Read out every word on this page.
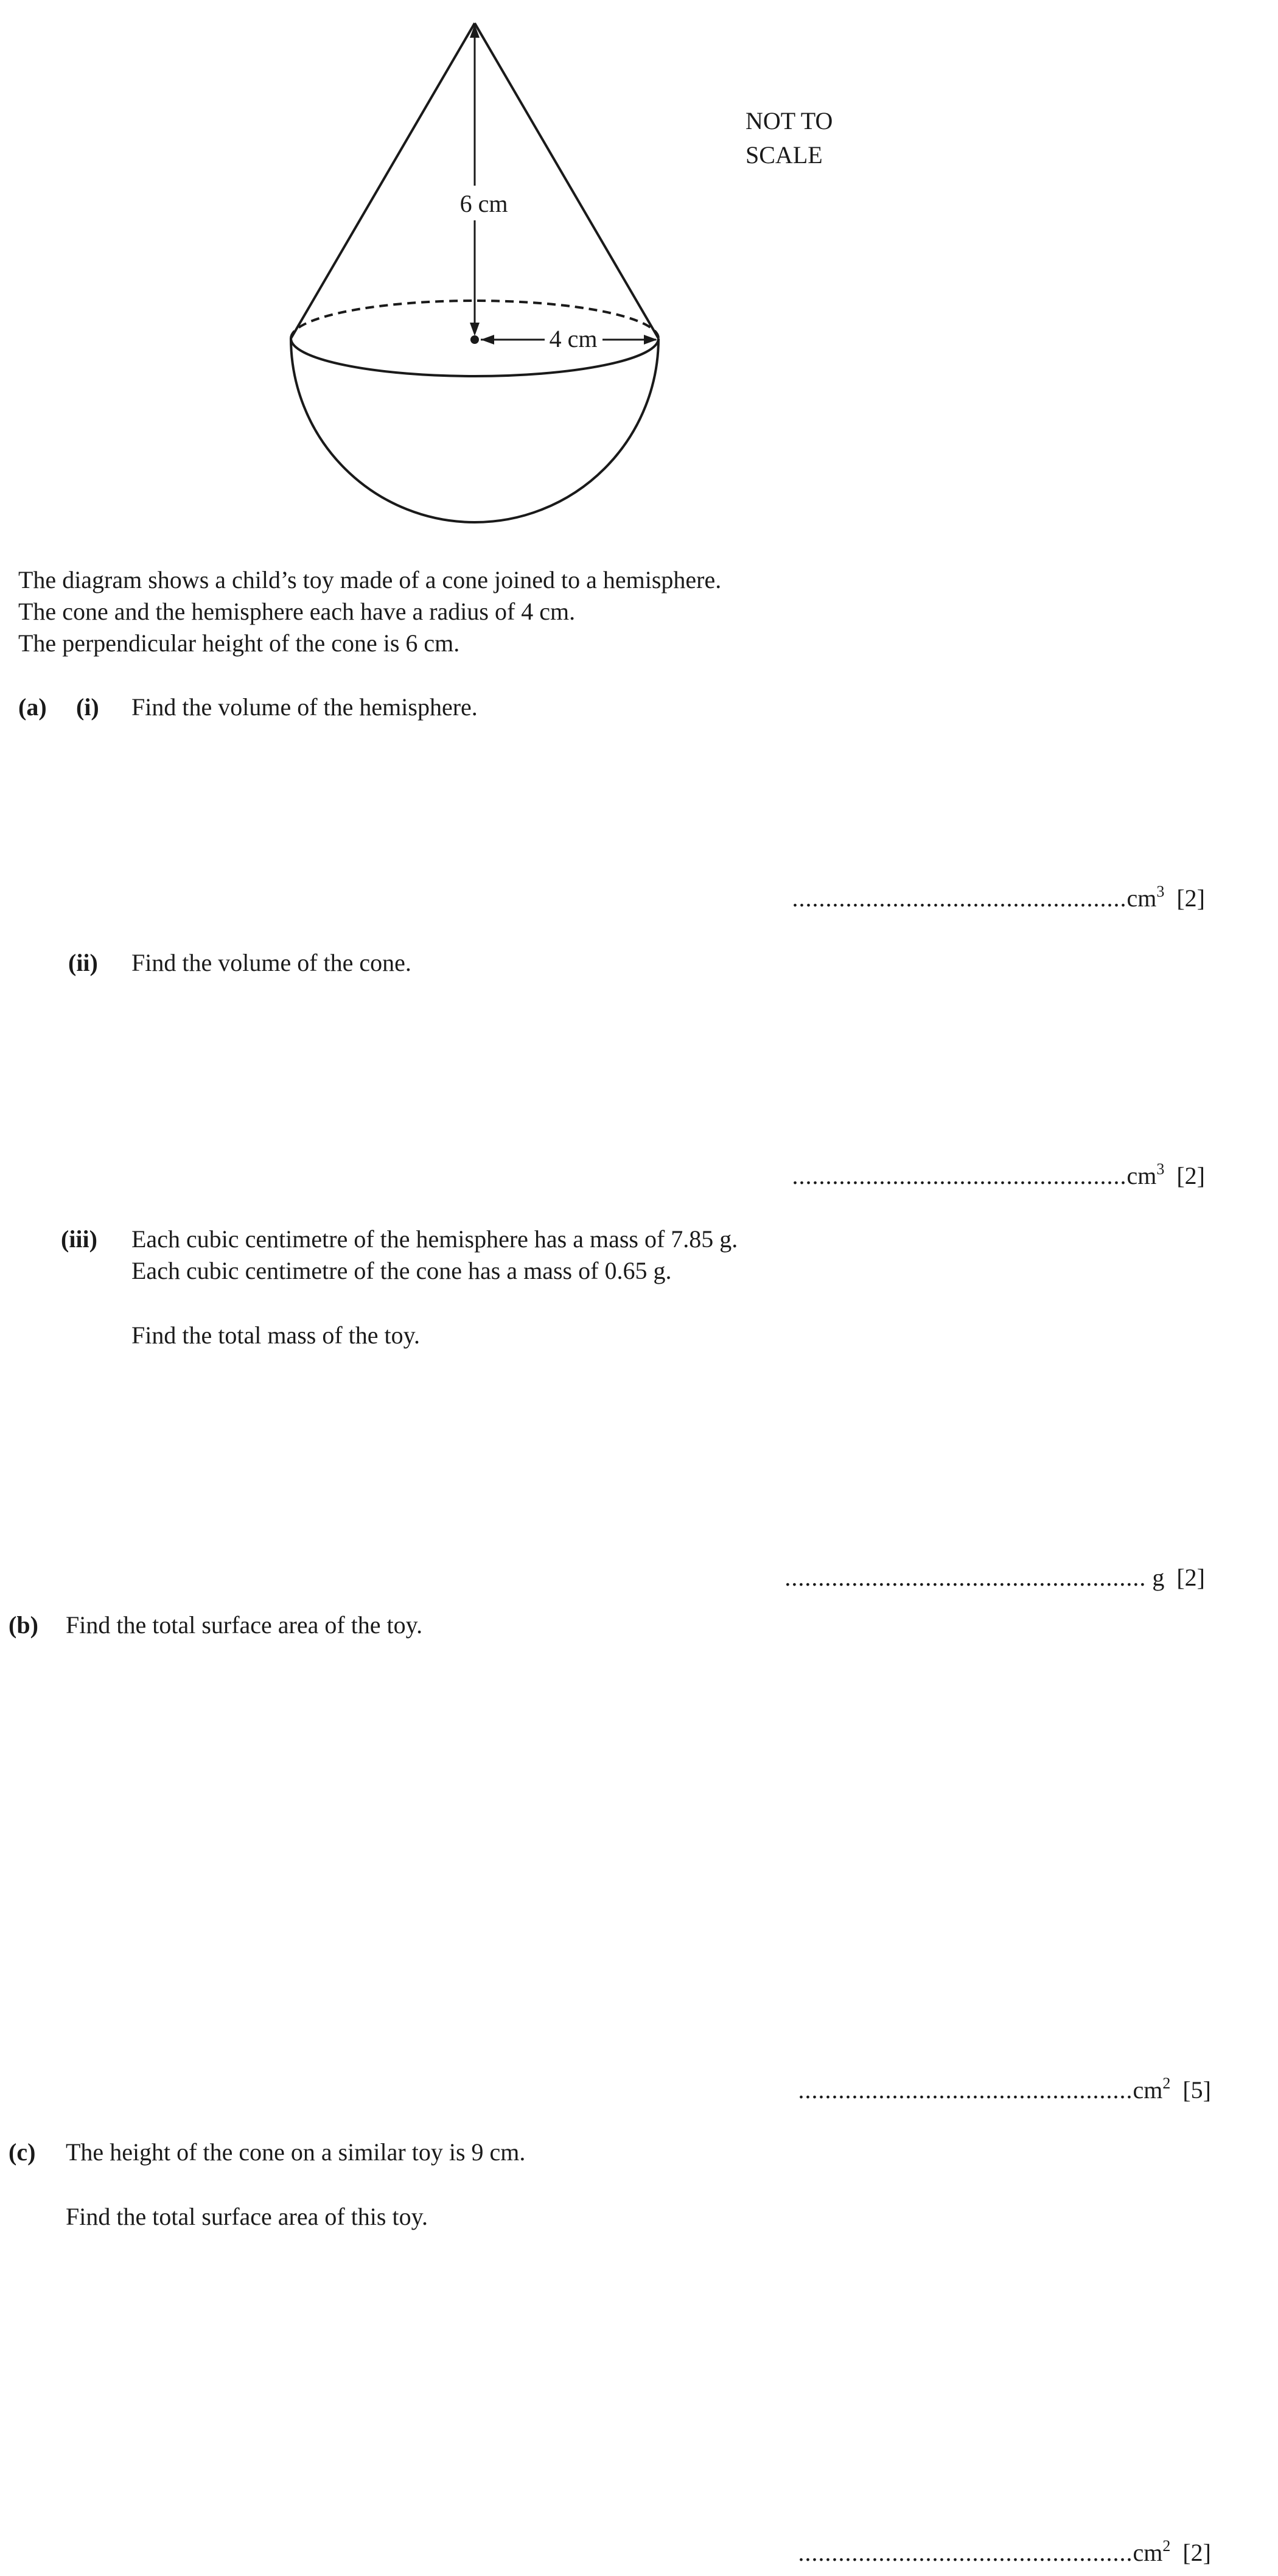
6 cm
4 cm
NOT TO
SCALE
The diagram shows a child’s toy made of a cone joined to a hemisphere.
The cone and the hemisphere each have a radius of 4 cm.
The perpendicular height of the cone is 6 cm.
(a) (i) Find the volume of the hemisphere.
$..................................................cm^3$ [2]
(ii) Find the volume of the cone.
$..................................................cm^3$ [2]
(iii) Each cubic centimetre of the hemisphere has a mass of 7.85 g.
Each cubic centimetre of the cone has a mass of 0.65 g.
Find the total mass of the toy.
...................................................... g [2]
(b) Find the total surface area of the toy.
$..................................................cm^2$ [5]
(c) The height of the cone on a similar toy is 9 cm.
Find the total surface area of this toy.
$..................................................cm^2$ [2]
